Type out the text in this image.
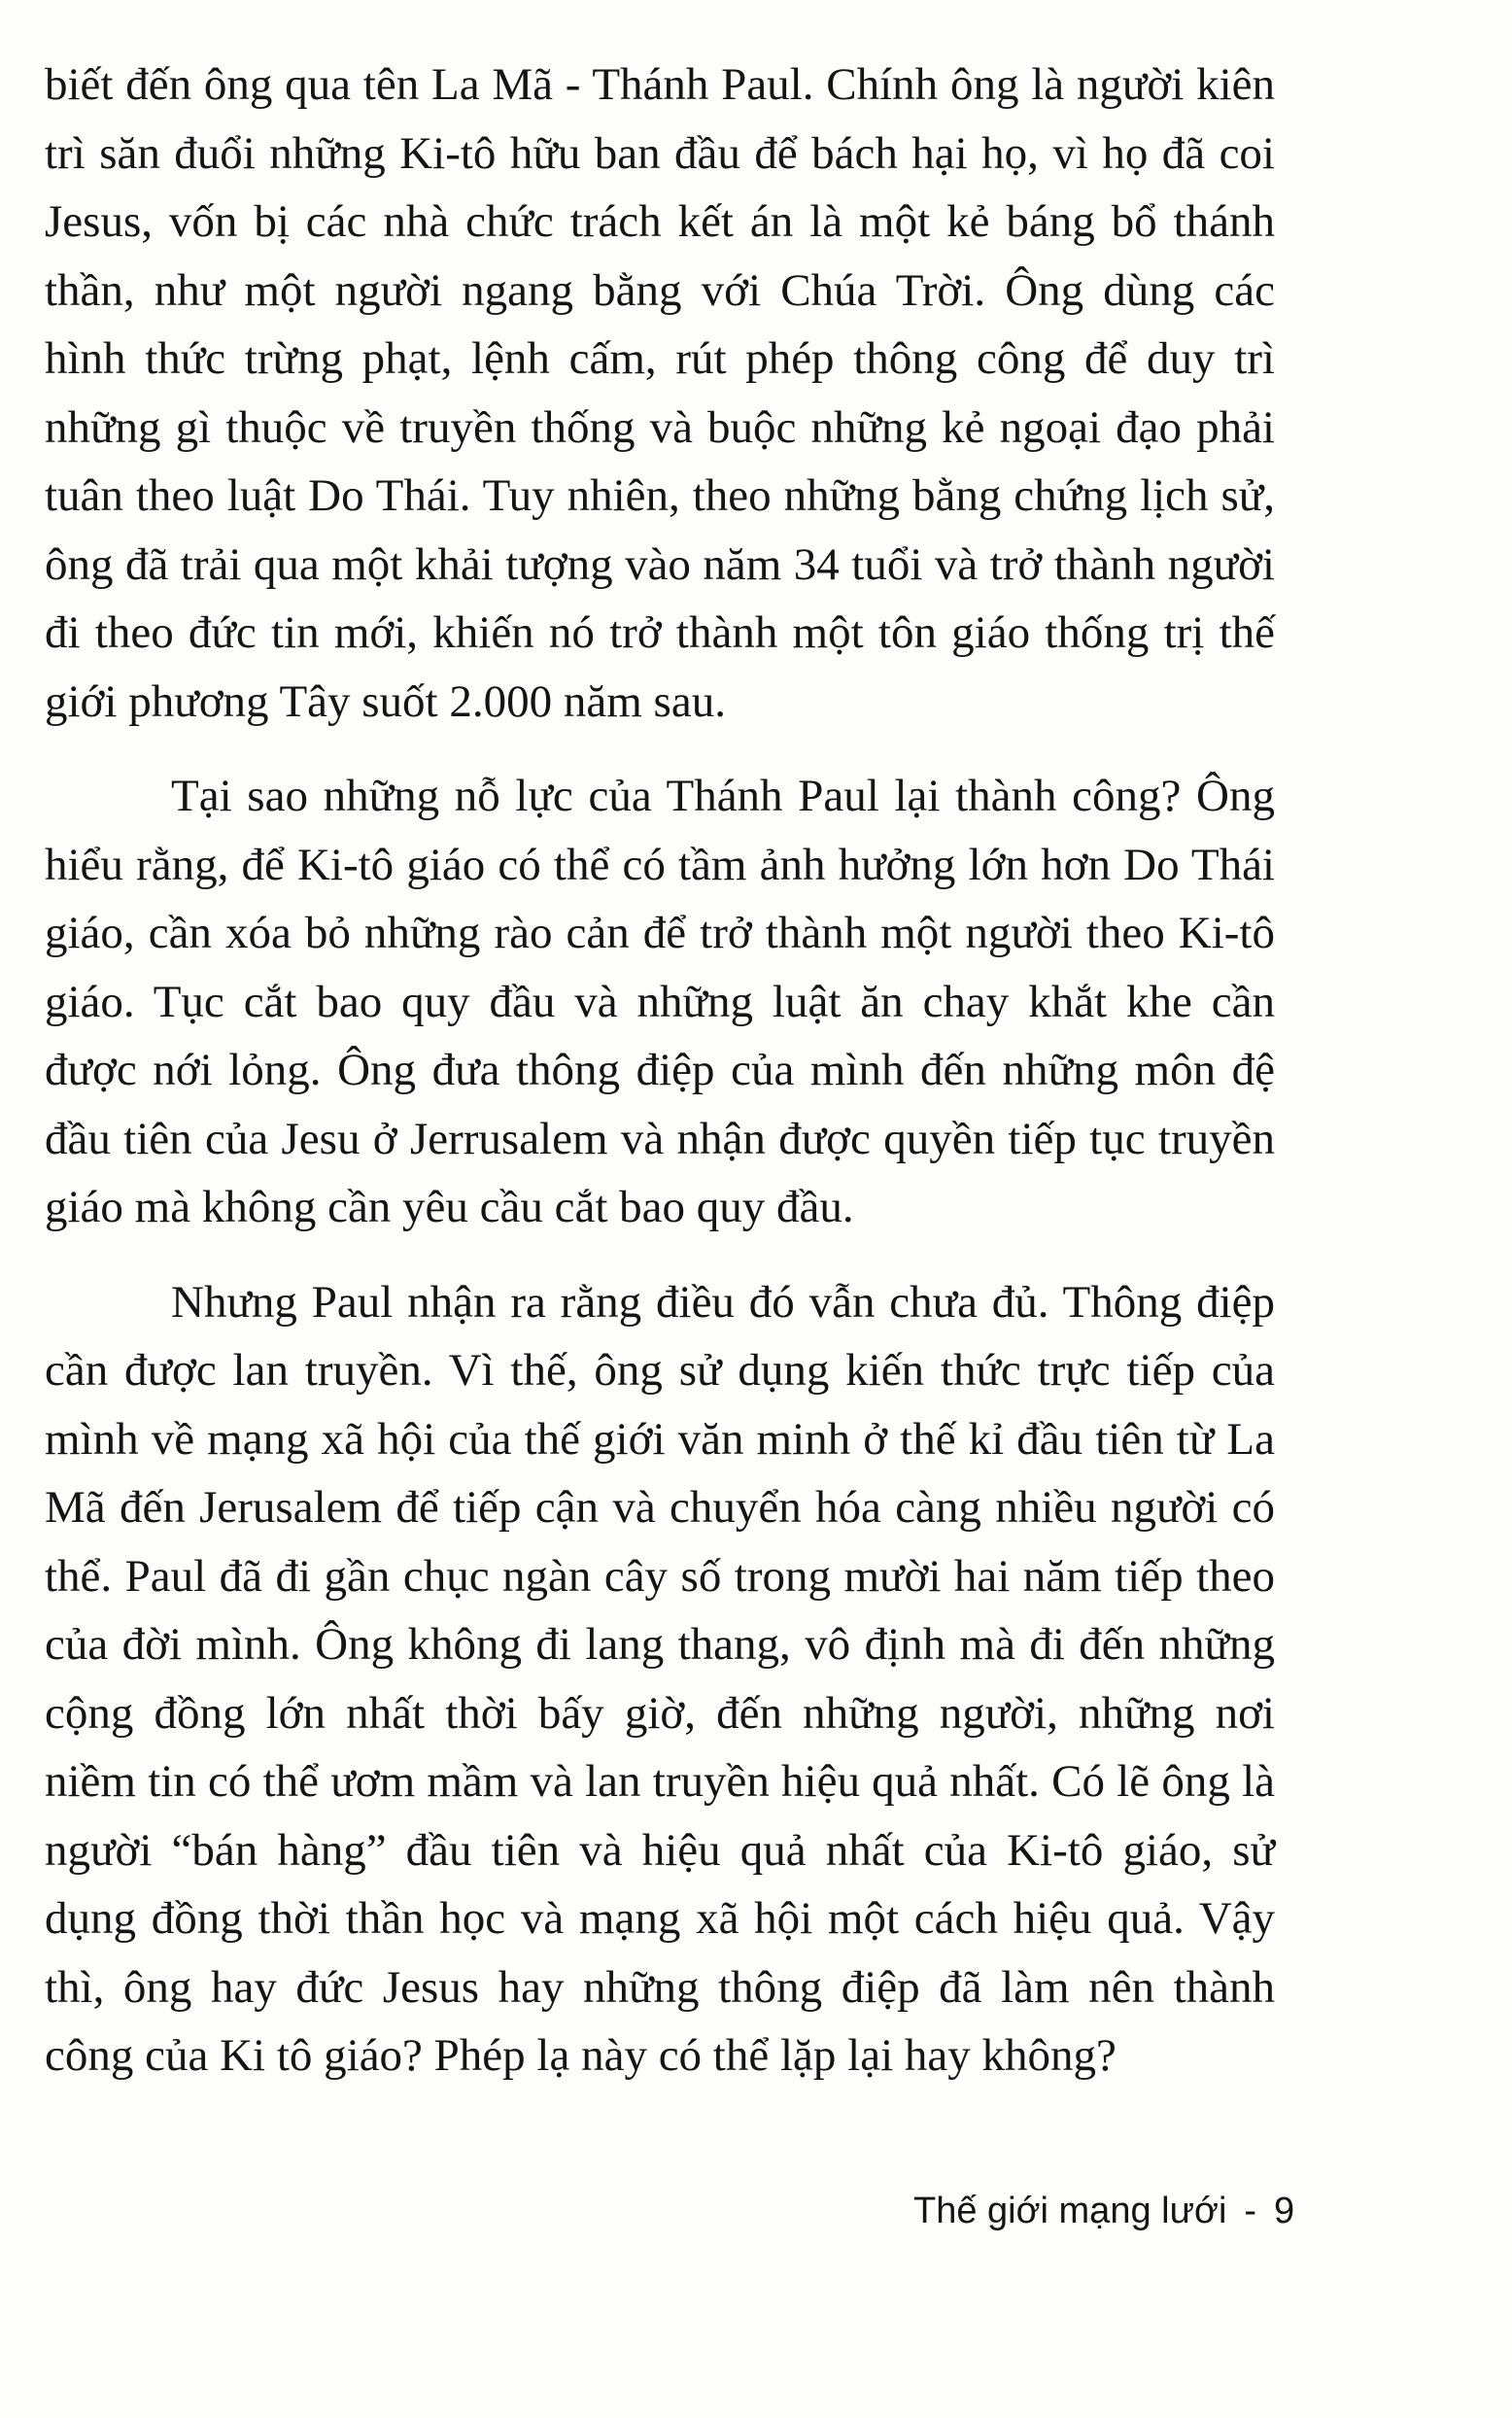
biết đến ông qua tên La Mã - Thánh Paul. Chính ông là người kiên trì săn đuổi những Ki-tô hữu ban đầu để bách hại họ, vì họ đã coi Jesus, vốn bị các nhà chức trách kết án là một kẻ báng bổ thánh thần, như một người ngang bằng với Chúa Trời. Ông dùng các hình thức trừng phạt, lệnh cấm, rút phép thông công để duy trì những gì thuộc về truyền thống và buộc những kẻ ngoại đạo phải tuân theo luật Do Thái. Tuy nhiên, theo những bằng chứng lịch sử, ông đã trải qua một khải tượng vào năm 34 tuổi và trở thành người đi theo đức tin mới, khiến nó trở thành một tôn giáo thống trị thế giới phương Tây suốt 2.000 năm sau.

Tại sao những nỗ lực của Thánh Paul lại thành công? Ông hiểu rằng, để Ki-tô giáo có thể có tầm ảnh hưởng lớn hơn Do Thái giáo, cần xóa bỏ những rào cản để trở thành một người theo Ki-tô giáo. Tục cắt bao quy đầu và những luật ăn chay khắt khe cần được nới lỏng. Ông đưa thông điệp của mình đến những môn đệ đầu tiên của Jesu ở Jerrusalem và nhận được quyền tiếp tục truyền giáo mà không cần yêu cầu cắt bao quy đầu.

Nhưng Paul nhận ra rằng điều đó vẫn chưa đủ. Thông điệp cần được lan truyền. Vì thế, ông sử dụng kiến thức trực tiếp của mình về mạng xã hội của thế giới văn minh ở thế kỉ đầu tiên từ La Mã đến Jerusalem để tiếp cận và chuyển hóa càng nhiều người có thể. Paul đã đi gần chục ngàn cây số trong mười hai năm tiếp theo của đời mình. Ông không đi lang thang, vô định mà đi đến những cộng đồng lớn nhất thời bấy giờ, đến những người, những nơi niềm tin có thể ươm mầm và lan truyền hiệu quả nhất. Có lẽ ông là người “bán hàng” đầu tiên và hiệu quả nhất của Ki-tô giáo, sử dụng đồng thời thần học và mạng xã hội một cách hiệu quả. Vậy thì, ông hay đức Jesus hay những thông điệp đã làm nên thành công của Ki tô giáo? Phép lạ này có thể lặp lại hay không?

Thế giới mạng lưới - 9
